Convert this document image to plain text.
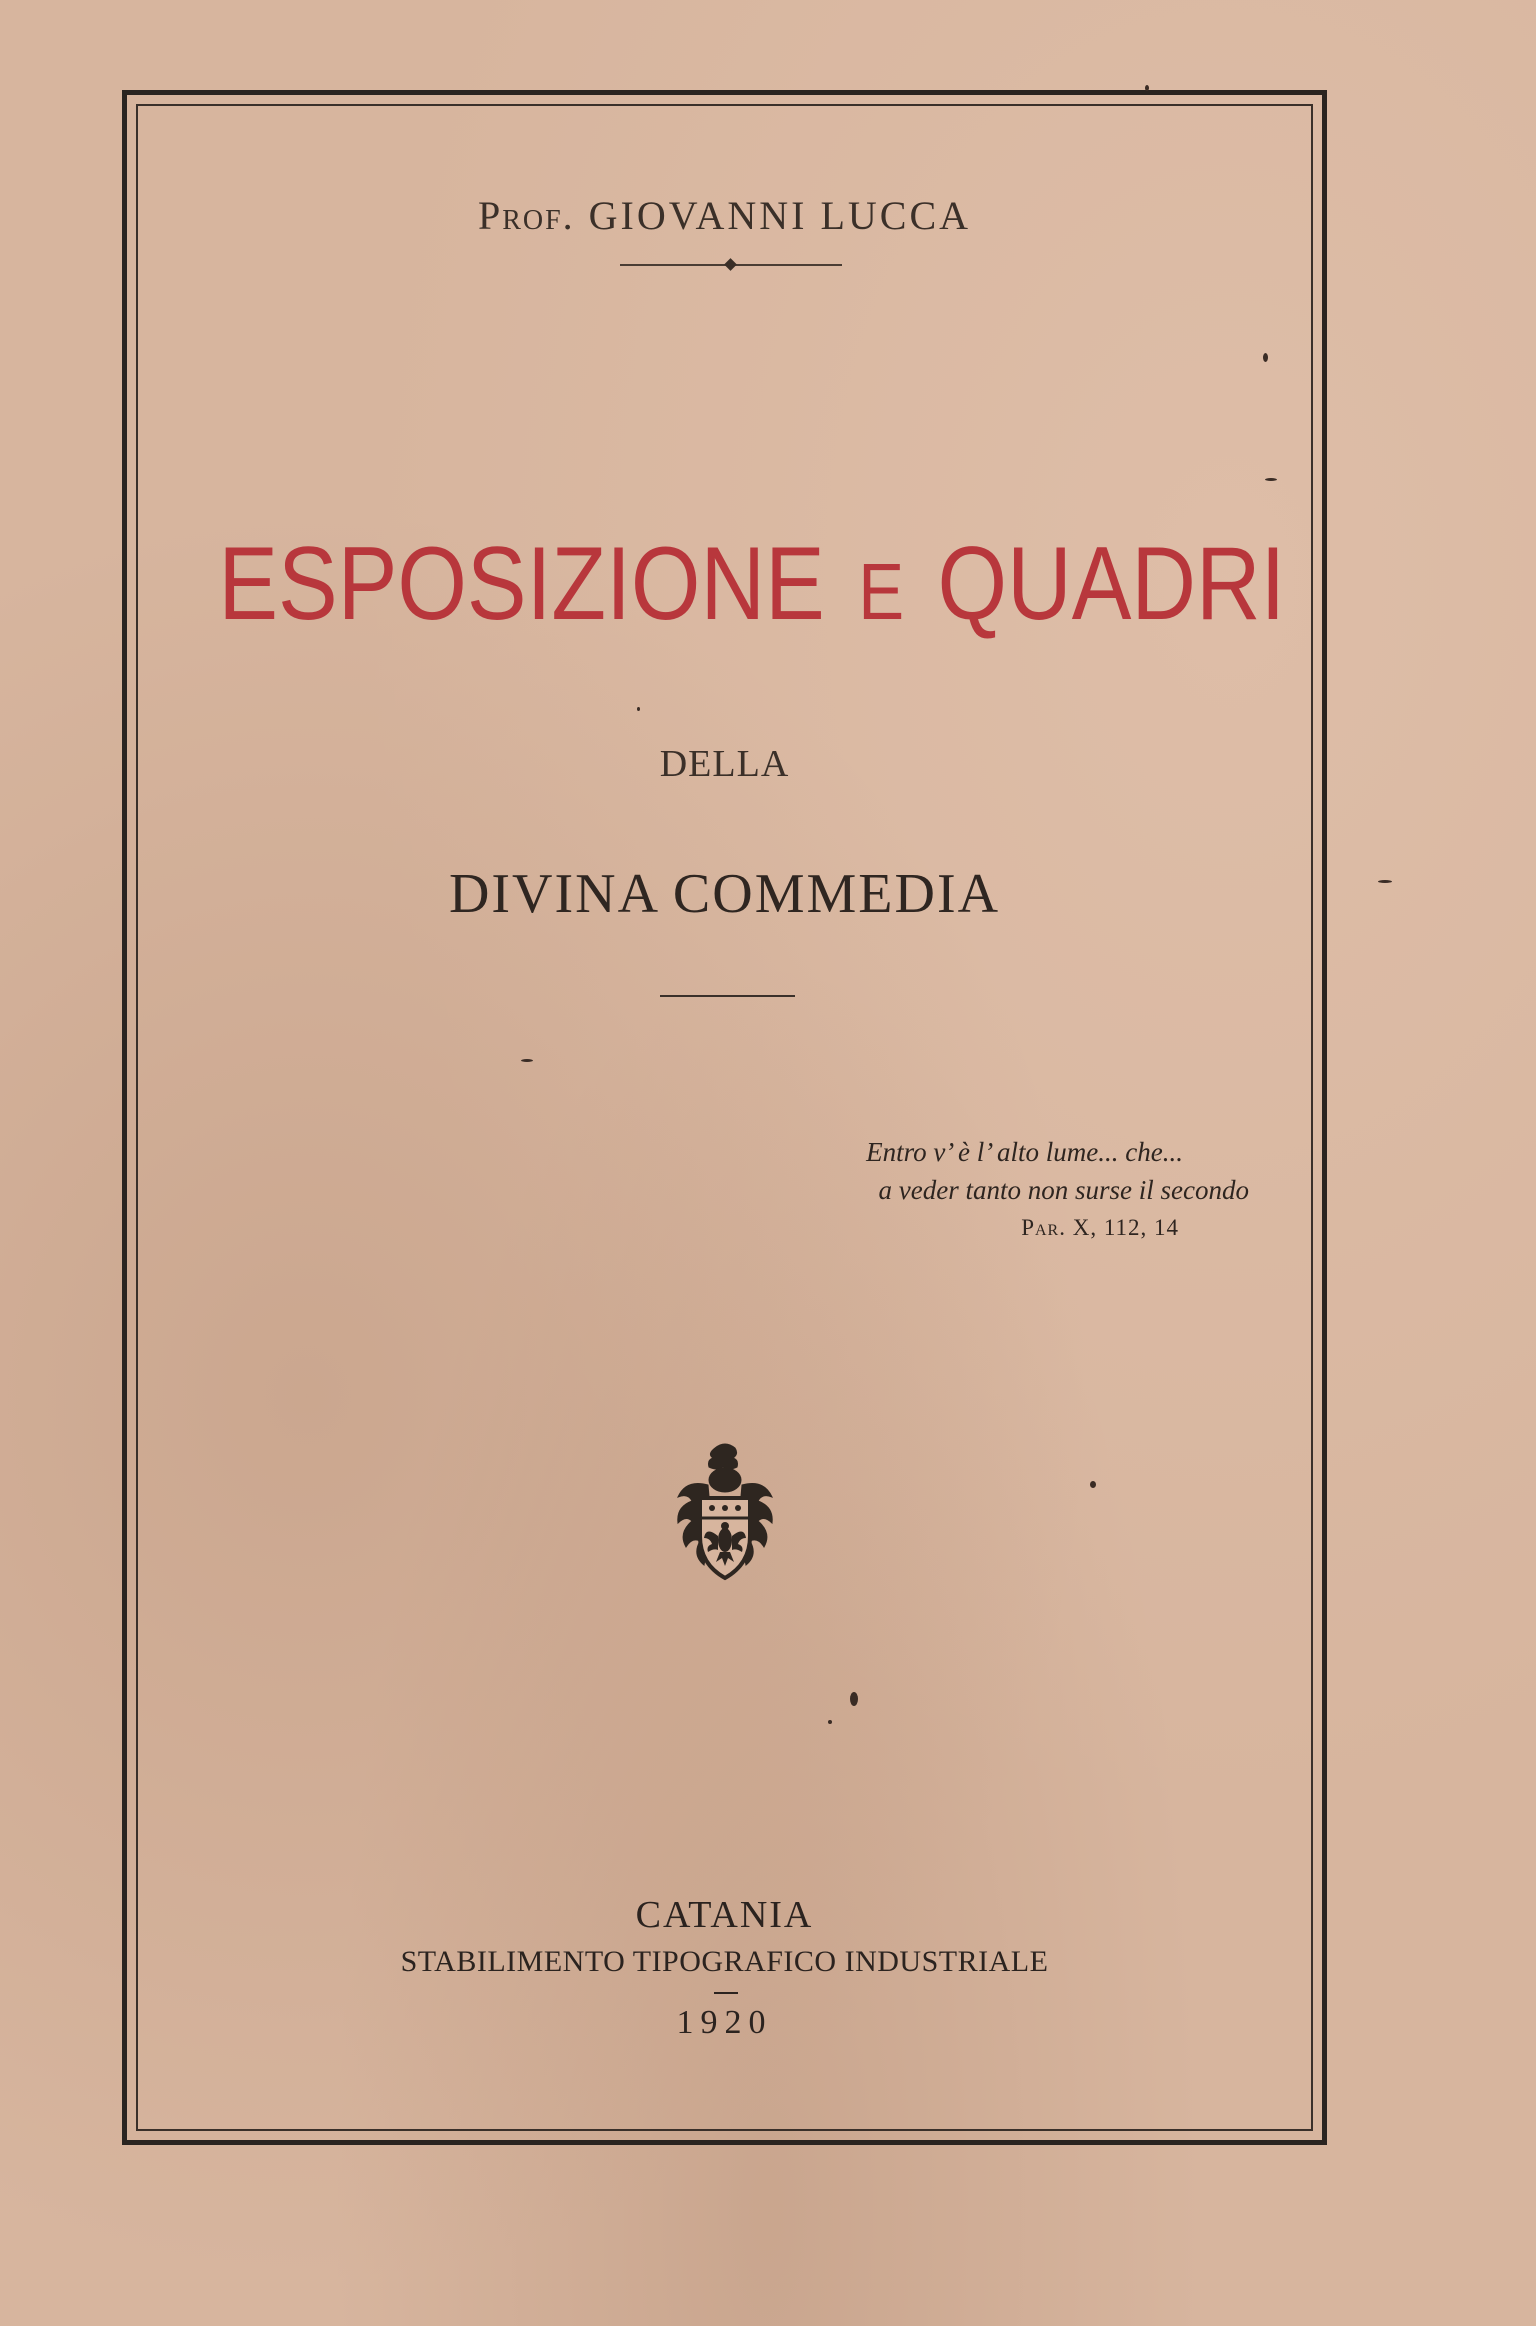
Prof. GIOVANNI LUCCA
ESPOSIZIONE E QUADRI
DELLA
DIVINA COMMEDIA
Entro v’ è l’ alto lume... che...
a veder tanto non surse il secondo
Par. X, 112, 14
CATANIA
STABILIMENTO TIPOGRAFICO INDUSTRIALE
1920
